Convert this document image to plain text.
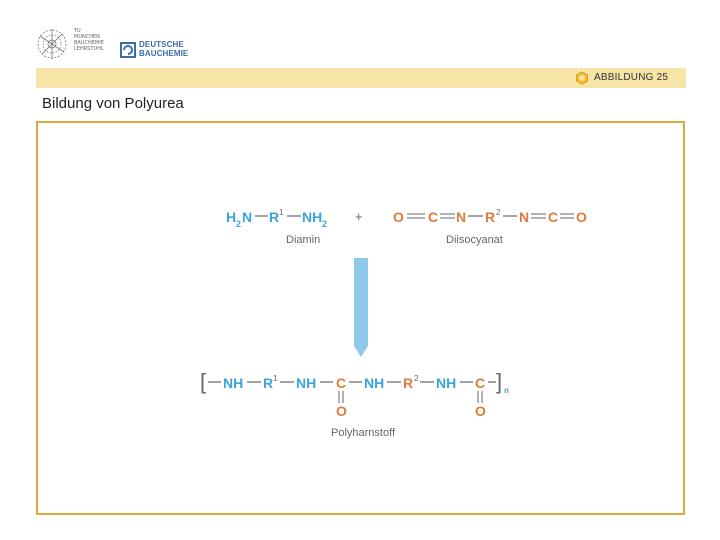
TU
MUNCHEN
BAUCHEMIE
LEHRSTUHL	DEUTSCHE
BAUCHEMIE
ABBILDUNG 25
Bildung von Polyurea
H 2 N R 1 NH 2
Diamin
+ O C N R 2 N C O
Diisocyanat
[ NH R 1 NH C
O
NH R 2 NH C
O
] n
Polyharnstoff
